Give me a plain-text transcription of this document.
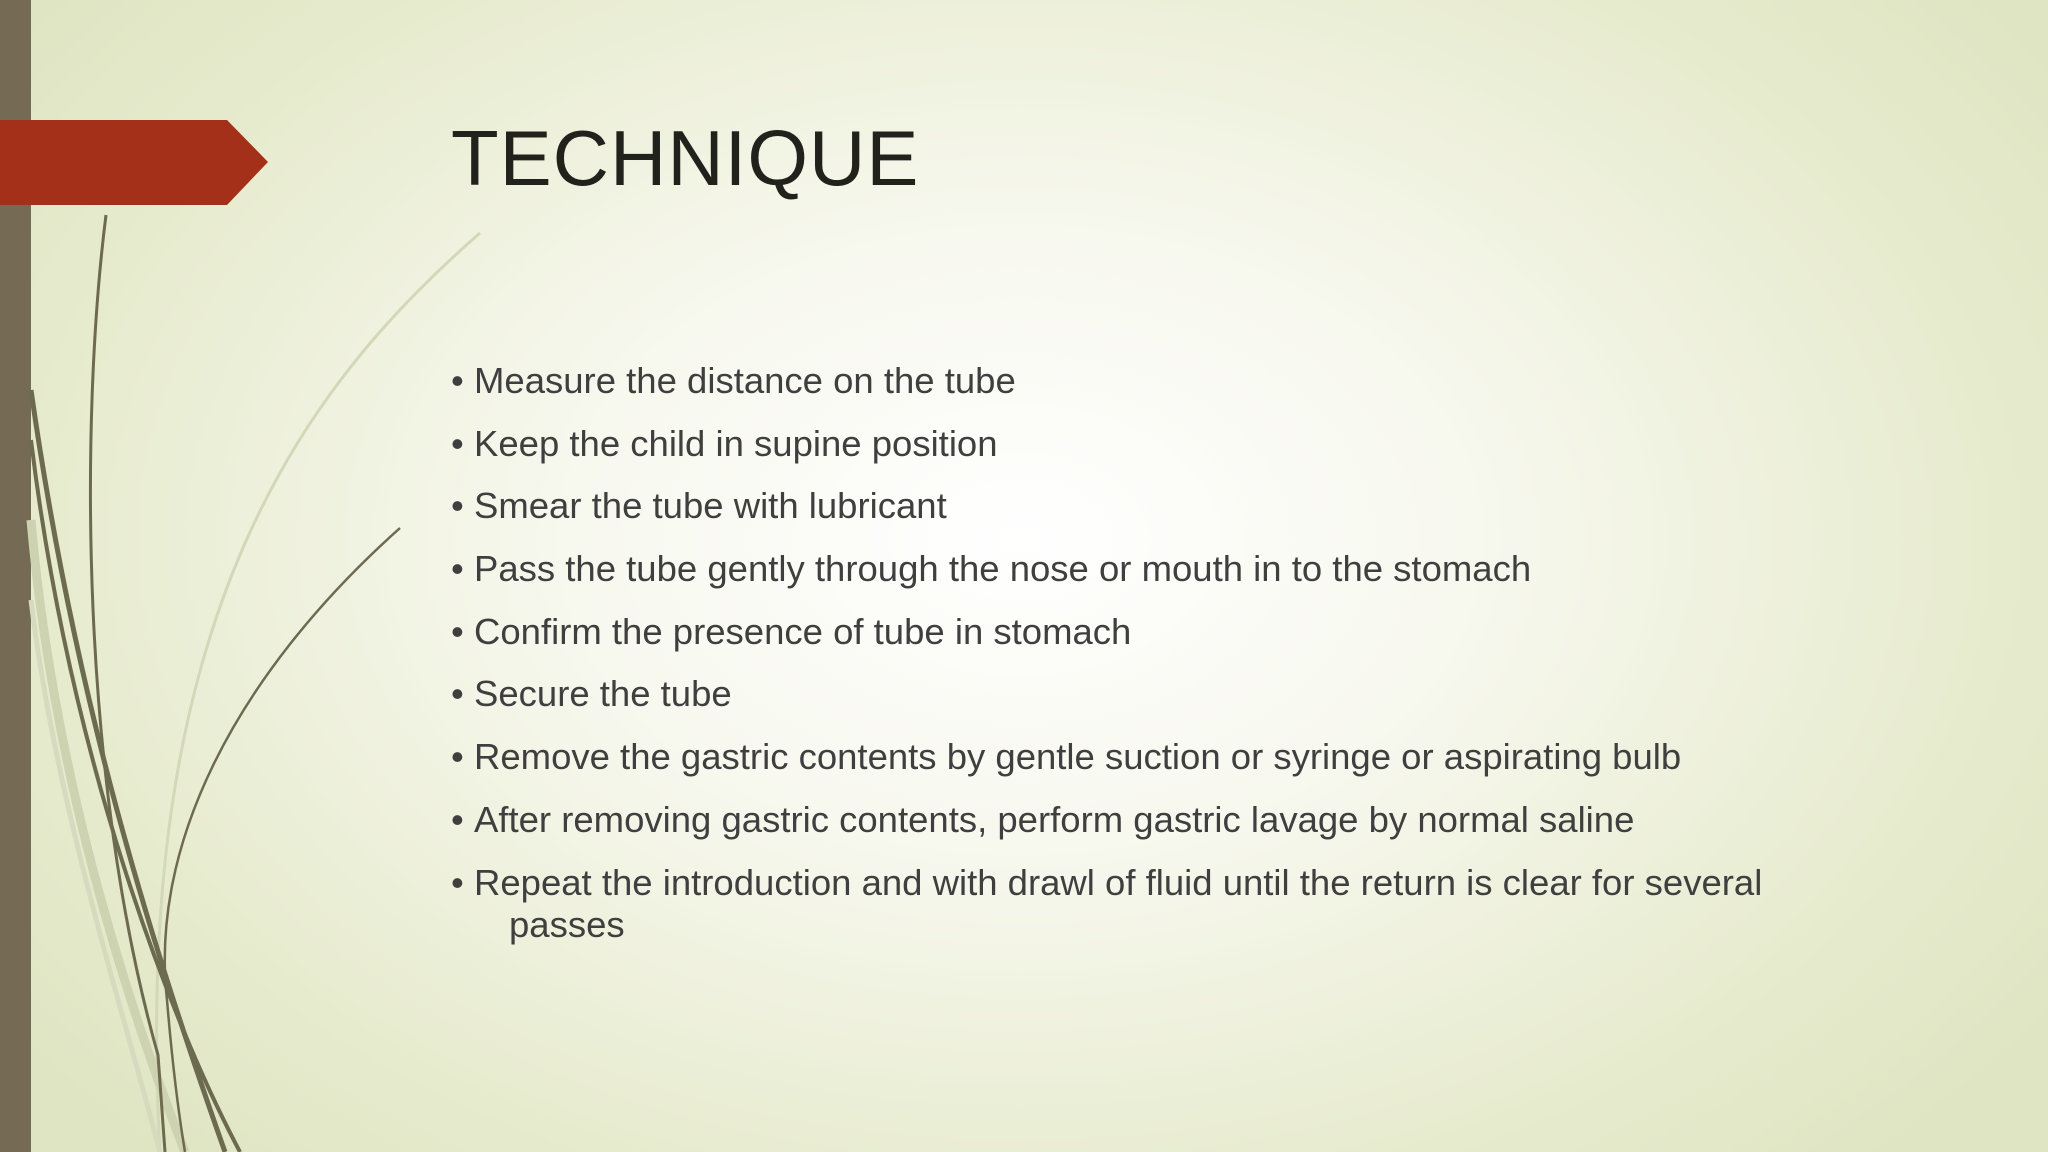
TECHNIQUE
• Measure the distance on the tube
• Keep the child in supine position
• Smear the tube with lubricant
• Pass the tube gently through the nose or mouth in to the stomach
• Confirm the presence of tube in stomach
• Secure the tube
• Remove the gastric contents by gentle suction or syringe or aspirating bulb
• After removing gastric contents, perform gastric lavage by normal saline
• Repeat the introduction and with drawl of fluid until the return is clear for several
passes
